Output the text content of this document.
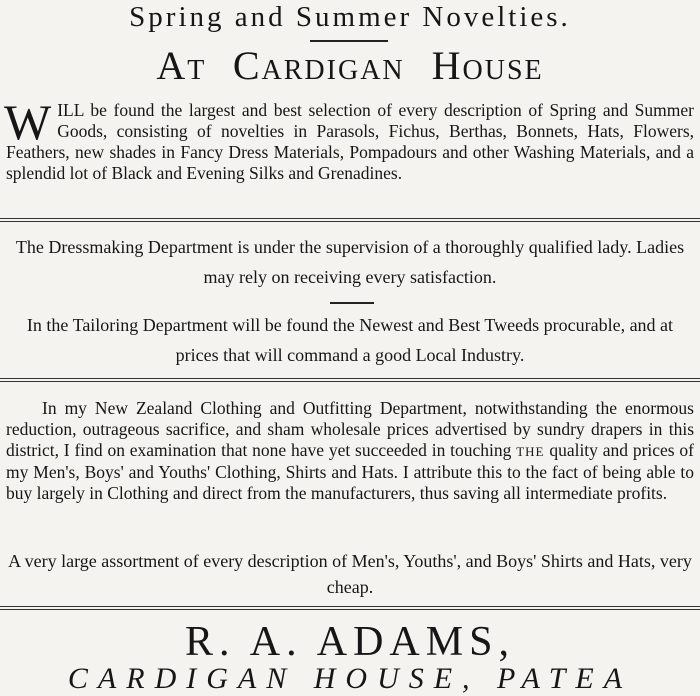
Spring and Summer Novelties.
AT CARDIGAN HOUSE
WILL be found the largest and best selection of every description of Spring and Summer Goods, consisting of novelties in Parasols, Fichus, Berthas, Bonnets, Hats, Flowers, Feathers, new shades in Fancy Dress Materials, Pompadours and other Washing Materials, and a splendid lot of Black and Evening Silks and Grenadines.
The Dressmaking Department is under the supervision of a thoroughly qualified lady. Ladies may rely on receiving every satisfaction.
In the Tailoring Department will be found the Newest and Best Tweeds procurable, and at prices that will command a good Local Industry.
In my New Zealand Clothing and Outfitting Department, notwithstanding the enormous reduction, outrageous sacrifice, and sham wholesale prices advertised by sundry drapers in this district, I find on examination that none have yet succeeded in touching THE quality and prices of my Men's, Boys' and Youths' Clothing, Shirts and Hats. I attribute this to the fact of being able to buy largely in Clothing and direct from the manufacturers, thus saving all intermediate profits.
A very large assortment of every description of Men's, Youths', and Boys' Shirts and Hats, very cheap.
R. A. ADAMS,
CARDIGAN HOUSE, PATEA
